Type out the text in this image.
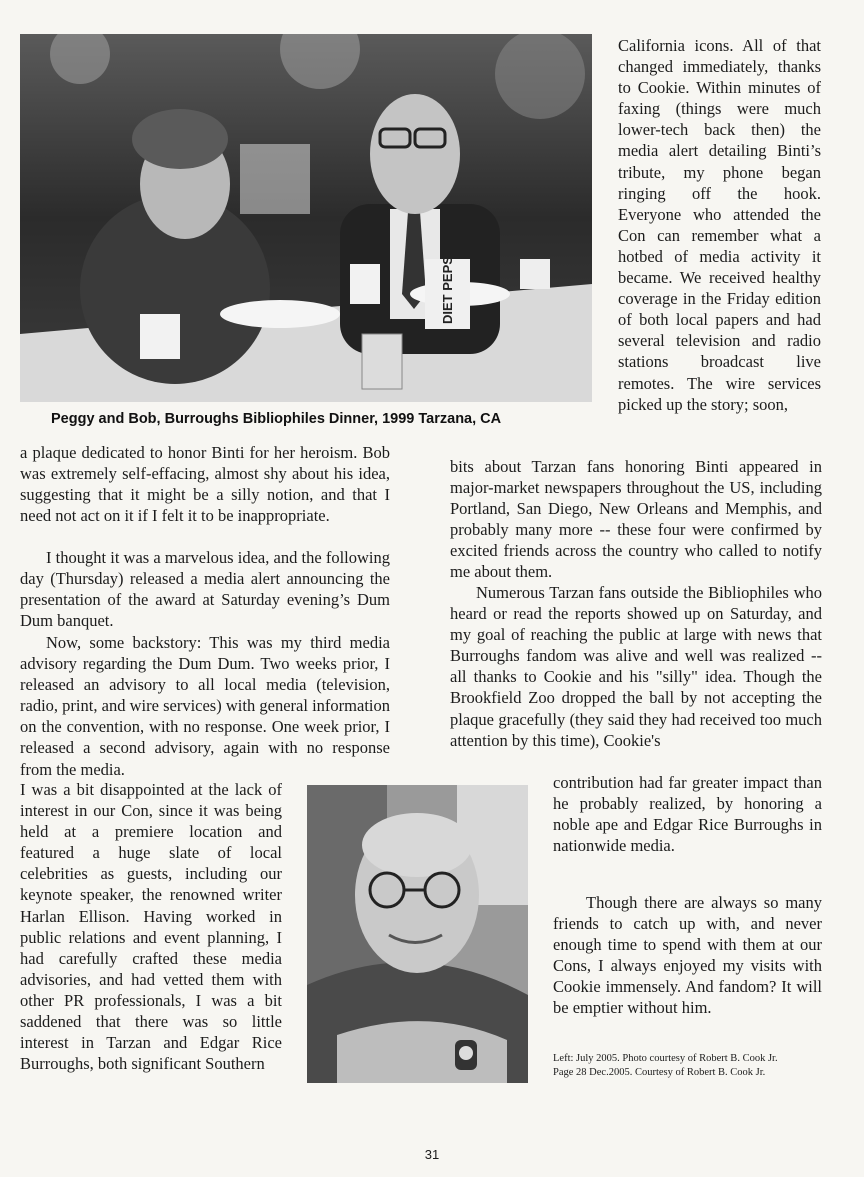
DIET PEPSI
Peggy and Bob, Burroughs Bibliophiles Dinner, 1999 Tarzana, CA

California icons. All of that changed immediately, thanks to Cookie. Within minutes of faxing (things were much lower-tech back then) the media alert detailing Binti’s tribute, my phone began ringing off the hook. Everyone who attended the Con can remember what a hotbed of media activity it became. We received healthy coverage in the Friday edition of both local papers and had several television and radio stations broadcast live remotes. The wire services picked up the story; soon,

a plaque dedicated to honor Binti for her heroism. Bob was extremely self-effacing, almost shy about his idea, suggesting that it might be a silly notion, and that I need not act on it if I felt it to be inappropriate.

I thought it was a marvelous idea, and the following day (Thursday) released a media alert announcing the presentation of the award at Saturday evening’s Dum Dum banquet.

Now, some backstory: This was my third media advisory regarding the Dum Dum. Two weeks prior, I released an advisory to all local media (television, radio, print, and wire services) with general information on the convention, with no response. One week prior, I released a second advisory, again with no response from the media.

I was a bit disappointed at the lack of interest in our Con, since it was being held at a premiere location and featured a huge slate of local celebrities as guests, including our keynote speaker, the renowned writer Harlan Ellison. Having worked in public relations and event planning, I had carefully crafted these media advisories, and had vetted them with other PR professionals, I was a bit saddened that there was so little interest in Tarzan and Edgar Rice Burroughs, both significant Southern

bits about Tarzan fans honoring Binti appeared in major-market newspapers throughout the US, including Portland, San Diego, New Orleans and Memphis, and probably many more -- these four were confirmed by excited friends across the country who called to notify me about them.

Numerous Tarzan fans outside the Bibliophiles who heard or read the reports showed up on Saturday, and my goal of reaching the public at large with news that Burroughs fandom was alive and well was realized -- all thanks to Cookie and his "silly" idea. Though the Brookfield Zoo dropped the ball by not accepting the plaque gracefully (they said they had received too much attention by this time), Cookie's

contribution had far greater impact than he probably realized, by honoring a noble ape and Edgar Rice Burroughs in nationwide media.

Though there are always so many friends to catch up with, and never enough time to spend with them at our Cons, I always enjoyed my visits with Cookie immensely. And fandom? It will be emptier without him.

Left: July 2005. Photo courtesy of Robert B. Cook Jr.
Page 28 Dec.2005. Courtesy of Robert B. Cook Jr.
31
